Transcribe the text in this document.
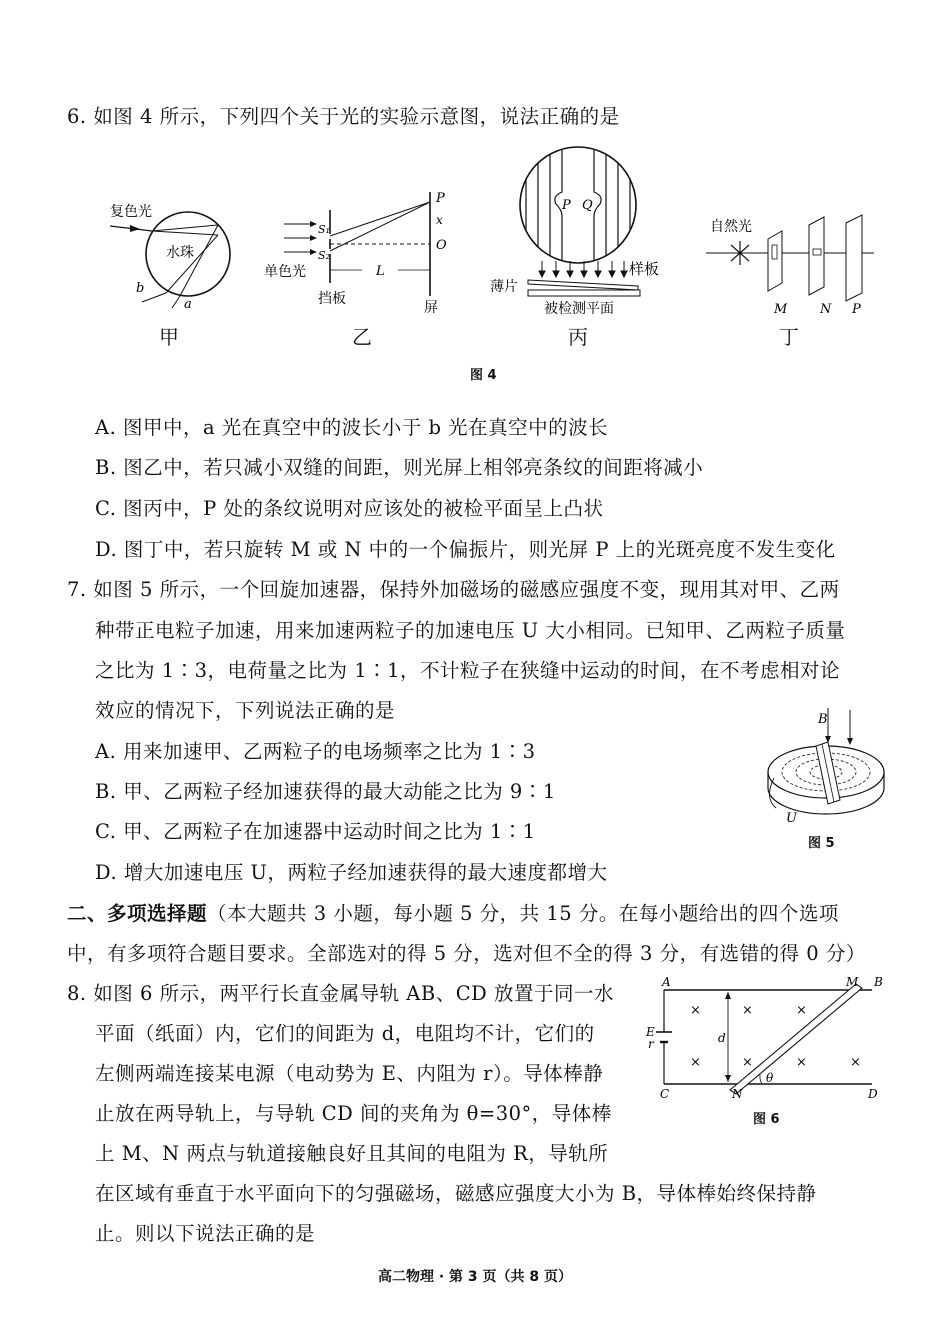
6. 如图 4 所示，下列四个关于光的实验示意图，说法正确的是
复色光
水珠
a
b
甲
P
x
O
S₁
S₂
L
单色光
挡板
屏
乙
P Q
样板
薄片
被检测平面
丙
自然光
M	N P
丁
图 4
A. 图甲中，a 光在真空中的波长小于 b 光在真空中的波长
B. 图乙中，若只减小双缝的间距，则光屏上相邻亮条纹的间距将减小
C. 图丙中，P 处的条纹说明对应该处的被检平面呈上凸状
D. 图丁中，若只旋转 M 或 N 中的一个偏振片，则光屏 P 上的光斑亮度不发生变化
7. 如图 5 所示，一个回旋加速器，保持外加磁场的磁感应强度不变，现用其对甲、乙两
种带正电粒子加速，用来加速两粒子的加速电压 U 大小相同。已知甲、乙两粒子质量
之比为 1∶3，电荷量之比为 1∶1，不计粒子在狭缝中运动的时间，在不考虑相对论
效应的情况下，下列说法正确的是
A. 用来加速甲、乙两粒子的电场频率之比为 1∶3
B. 甲、乙两粒子经加速获得的最大动能之比为 9∶1
C. 甲、乙两粒子在加速器中运动时间之比为 1∶1
D. 增大加速电压 U，两粒子经加速获得的最大速度都增大
B
U
图 5
二、多项选择题（本大题共 3 小题，每小题 5 分，共 15 分。在每小题给出的四个选项
中，有多项符合题目要求。全部选对的得 5 分，选对但不全的得 3 分，有选错的得 0 分）
8. 如图 6 所示，两平行长直金属导轨 AB、CD 放置于同一水
平面（纸面）内，它们的间距为 d，电阻均不计，它们的
左侧两端连接某电源（电动势为 E、内阻为 r）。导体棒静
止放在两导轨上，与导轨 CD 间的夹角为 θ=30°，导体棒
上 M、N 两点与轨道接触良好且其间的电阻为 R，导轨所
在区域有垂直于水平面向下的匀强磁场，磁感应强度大小为 B，导体棒始终保持静
止。则以下说法正确的是
E
r	d
θ
A	B
M
C	D
N
×	×	×
×	×	×	×
图 6
高二物理 · 第 3 页（共 8 页）
